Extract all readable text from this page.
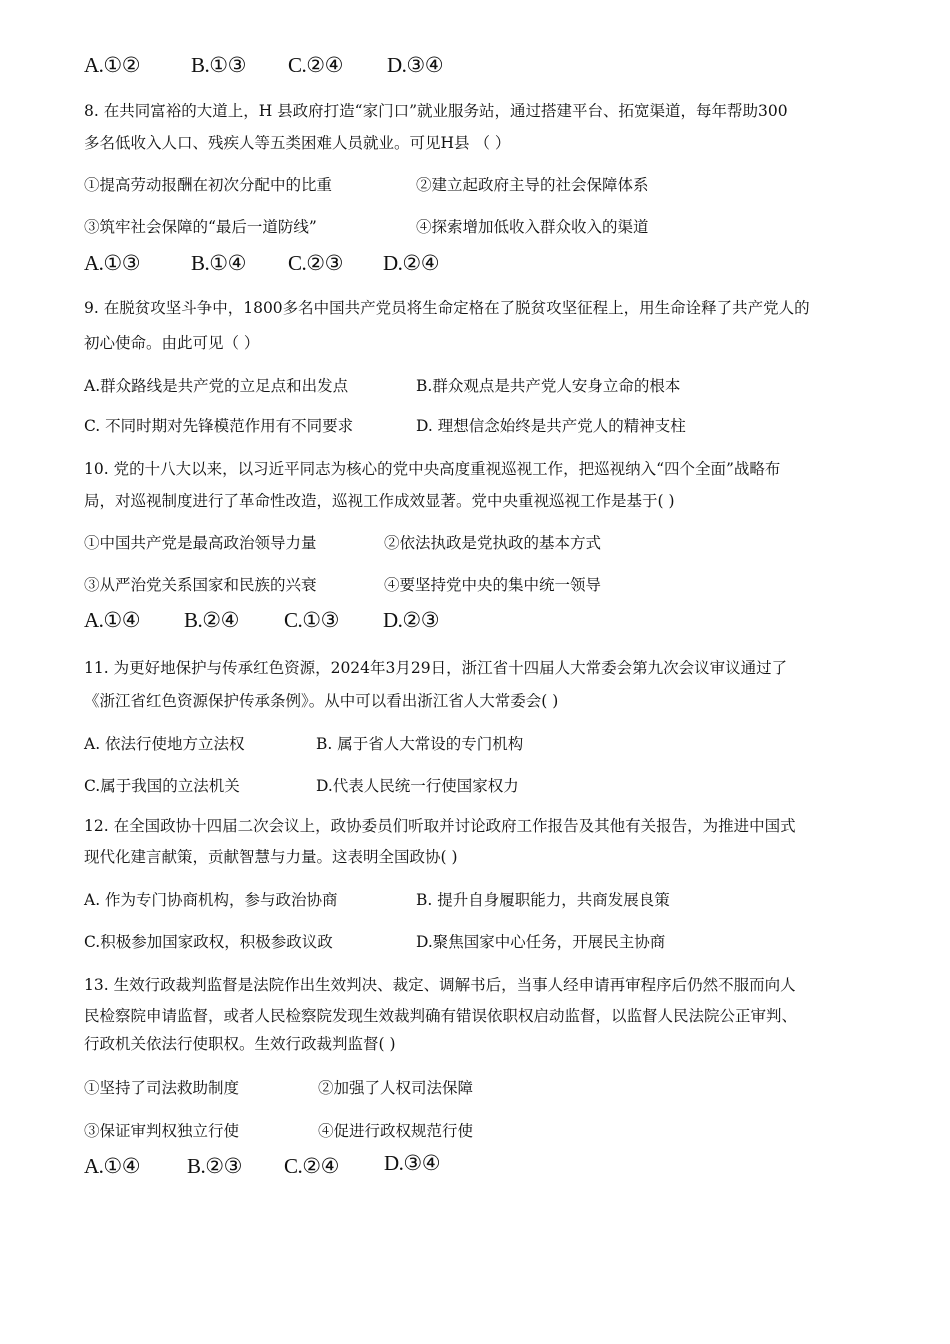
A.①② B.①③ C.②④ D.③④
8. 在共同富裕的大道上，H 县政府打造“家门口”就业服务站，通过搭建平台、拓宽渠道，每年帮助300
多名低收入人口、残疾人等五类困难人员就业。可见H县 （ ）
①提高劳动报酬在初次分配中的比重	②建立起政府主导的社会保障体系
③筑牢社会保障的“最后一道防线”	④探索增加低收入群众收入的渠道
A.①③ B.①④ C.②③ D.②④
9. 在脱贫攻坚斗争中，1800多名中国共产党员将生命定格在了脱贫攻坚征程上，用生命诠释了共产党人的
初心使命。由此可见（ ）
A.群众路线是共产党的立足点和出发点	B.群众观点是共产党人安身立命的根本
C. 不同时期对先锋模范作用有不同要求	D. 理想信念始终是共产党人的精神支柱
10. 党的十八大以来，以习近平同志为核心的党中央高度重视巡视工作，把巡视纳入“四个全面”战略布
局，对巡视制度进行了革命性改造，巡视工作成效显著。党中央重视巡视工作是基于( )
①中国共产党是最高政治领导力量	②依法执政是党执政的基本方式
③从严治党关系国家和民族的兴衰	④要坚持党中央的集中统一领导
A.①④ B.②④ C.①③ D.②③
11. 为更好地保护与传承红色资源，2024年3月29日，浙江省十四届人大常委会第九次会议审议通过了
《浙江省红色资源保护传承条例》。从中可以看出浙江省人大常委会( )
A. 依法行使地方立法权	B. 属于省人大常设的专门机构
C.属于我国的立法机关	D.代表人民统一行使国家权力
12. 在全国政协十四届二次会议上，政协委员们听取并讨论政府工作报告及其他有关报告，为推进中国式
现代化建言献策，贡献智慧与力量。这表明全国政协( )
A. 作为专门协商机构，参与政治协商	B. 提升自身履职能力，共商发展良策
C.积极参加国家政权，积极参政议政	D.聚焦国家中心任务，开展民主协商
13. 生效行政裁判监督是法院作出生效判决、裁定、调解书后，当事人经申请再审程序后仍然不服而向人
民检察院申请监督，或者人民检察院发现生效裁判确有错误依职权启动监督，以监督人民法院公正审判、
行政机关依法行使职权。生效行政裁判监督( )
①坚持了司法救助制度	②加强了人权司法保障
③保证审判权独立行使	④促进行政权规范行使
A.①④ B.②③ C.②④ D.③④
